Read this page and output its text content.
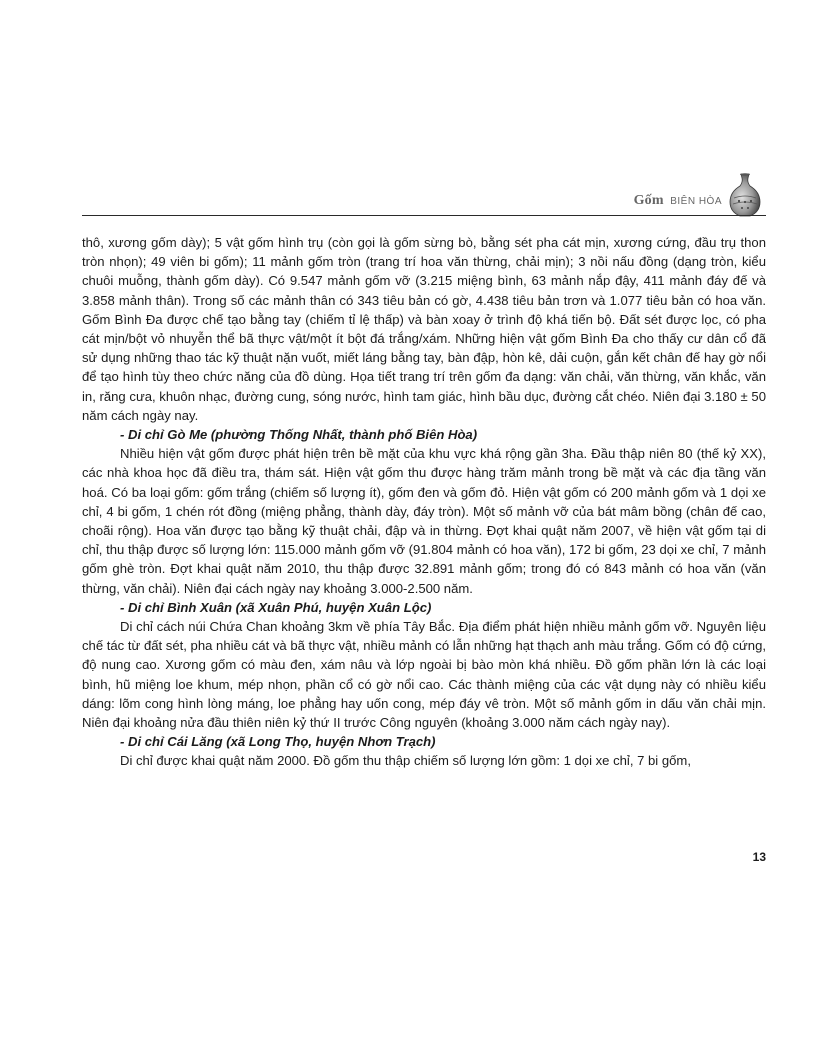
Gốm BIÊN HÒA

thô, xương gốm dày); 5 vật gốm hình trụ (còn gọi là gốm sừng bò, bằng sét pha cát mịn, xương cứng, đầu trụ thon tròn nhọn); 49 viên bi gốm); 11 mảnh gốm tròn (trang trí hoa văn thừng, chải mịn); 3 nồi nấu đồng (dạng tròn, kiểu chuôi muỗng, thành gốm dày). Có 9.547 mảnh gốm vỡ (3.215 miệng bình, 63 mảnh nắp đậy, 411 mảnh đáy đế và 3.858 mảnh thân). Trong số các mảnh thân có 343 tiêu bản có gờ, 4.438 tiêu bản trơn và 1.077 tiêu bản có hoa văn. Gốm Bình Đa được chế tạo bằng tay (chiếm tỉ lệ thấp) và bàn xoay ở trình độ khá tiến bộ. Đất sét được lọc, có pha cát mịn/bột vỏ nhuyễn thể bã thực vật/một ít bột đá trắng/xám. Những hiện vật gốm Bình Đa cho thấy cư dân cổ đã sử dụng những thao tác kỹ thuật nặn vuốt, miết láng bằng tay, bàn đập, hòn kê, dải cuộn, gắn kết chân đế hay gờ nổi để tạo hình tùy theo chức năng của đồ dùng. Họa tiết trang trí trên gốm đa dạng: văn chải, văn thừng, văn khắc, văn in, răng cưa, khuôn nhạc, đường cung, sóng nước, hình tam giác, hình bầu dục, đường cắt chéo. Niên đại 3.180 ± 50 năm cách ngày nay.

- Di chỉ Gò Me (phường Thống Nhất, thành phố Biên Hòa)

Nhiều hiện vật gốm được phát hiện trên bề mặt của khu vực khá rộng gần 3ha. Đầu thập niên 80 (thế kỷ XX), các nhà khoa học đã điều tra, thám sát. Hiện vật gốm thu được hàng trăm mảnh trong bề mặt và các địa tầng văn hoá. Có ba loại gốm: gốm trắng (chiếm số lượng ít), gốm đen và gốm đỏ. Hiện vật gốm có 200 mảnh gốm và 1 dọi xe chỉ, 4 bi gốm, 1 chén rót đồng (miệng phẳng, thành dày, đáy tròn). Một số mảnh vỡ của bát mâm bồng (chân đế cao, choãi rộng). Hoa văn được tạo bằng kỹ thuật chải, đập và in thừng. Đợt khai quật năm 2007, về hiện vật gốm tại di chỉ, thu thập được số lượng lớn: 115.000 mảnh gốm vỡ (91.804 mảnh có hoa văn), 172 bi gốm, 23 dọi xe chỉ, 7 mảnh gốm ghè tròn. Đợt khai quật năm 2010, thu thập được 32.891 mảnh gốm; trong đó có 843 mảnh có hoa văn (văn thừng, văn chải). Niên đại cách ngày nay khoảng 3.000-2.500 năm.

- Di chỉ Bình Xuân (xã Xuân Phú, huyện Xuân Lộc)

Di chỉ cách núi Chứa Chan khoảng 3km về phía Tây Bắc. Địa điểm phát hiện nhiều mảnh gốm vỡ. Nguyên liệu chế tác từ đất sét, pha nhiều cát và bã thực vật, nhiều mảnh có lẫn những hạt thạch anh màu trắng. Gốm có độ cứng, độ nung cao. Xương gốm có màu đen, xám nâu và lớp ngoài bị bào mòn khá nhiều. Đồ gốm phần lớn là các loại bình, hũ miệng loe khum, mép nhọn, phần cổ có gờ nổi cao. Các thành miệng của các vật dụng này có nhiều kiểu dáng: lõm cong hình lòng máng, loe phẳng hay uốn cong, mép đáy vê tròn. Một số mảnh gốm in dấu văn chải mịn. Niên đại khoảng nửa đầu thiên niên kỷ thứ II trước Công nguyên (khoảng 3.000 năm cách ngày nay).

- Di chỉ Cái Lăng (xã Long Thọ, huyện Nhơn Trạch)

Di chỉ được khai quật năm 2000. Đồ gốm thu thập chiếm số lượng lớn gồm: 1 dọi xe chỉ, 7 bi gốm,

13
